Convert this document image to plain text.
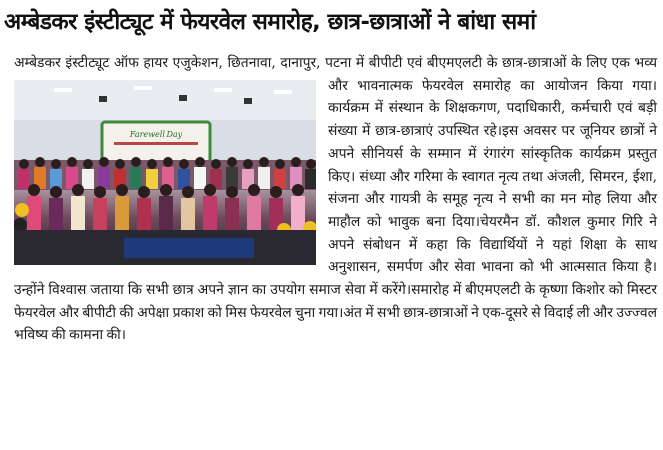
अम्बेडकर इंस्टीट्यूट में फेयरवेल समारोह, छात्र-छात्राओं ने बांधा समां
अम्बेडकर इंस्टीट्यूट ऑफ हायर एजुकेशन, छितनावा, दानापुर, पटना में बीपीटी एवं बीएमएलटी के छात्र-छात्राओं के लिए एक भव्य और भावनात्मक फेयरवेल समारोह का आयोजन किया गया।
Farewell Day
कार्यक्रम में संस्थान के शिक्षकगण, पदाधिकारी, कर्मचारी एवं बड़ी संख्या में छात्र-छात्राएं उपस्थित रहे।इस अवसर पर जूनियर छात्रों ने अपने सीनियर्स के सम्मान में रंगारंग सांस्कृतिक कार्यक्रम प्रस्तुत किए। संध्या और गरिमा के स्वागत नृत्य तथा अंजली, सिमरन, ईशा, संजना और गायत्री के समूह नृत्य ने सभी का मन मोह लिया और माहौल को भावुक बना दिया।चेयरमैन डॉ. कौशल कुमार गिरि ने अपने संबोधन में कहा कि विद्यार्थियों ने यहां शिक्षा के साथ अनुशासन, समर्पण और सेवा भावना को भी आत्मसात किया है। उन्होंने विश्वास जताया कि सभी छात्र अपने ज्ञान का उपयोग समाज सेवा में करेंगे।समारोह में बीएमएलटी के कृष्णा किशोर को मिस्टर फेयरवेल और बीपीटी की अपेक्षा प्रकाश को मिस फेयरवेल चुना गया।अंत में सभी छात्र-छात्राओं ने एक-दूसरे से विदाई ली और उज्ज्वल भविष्य की कामना की।
